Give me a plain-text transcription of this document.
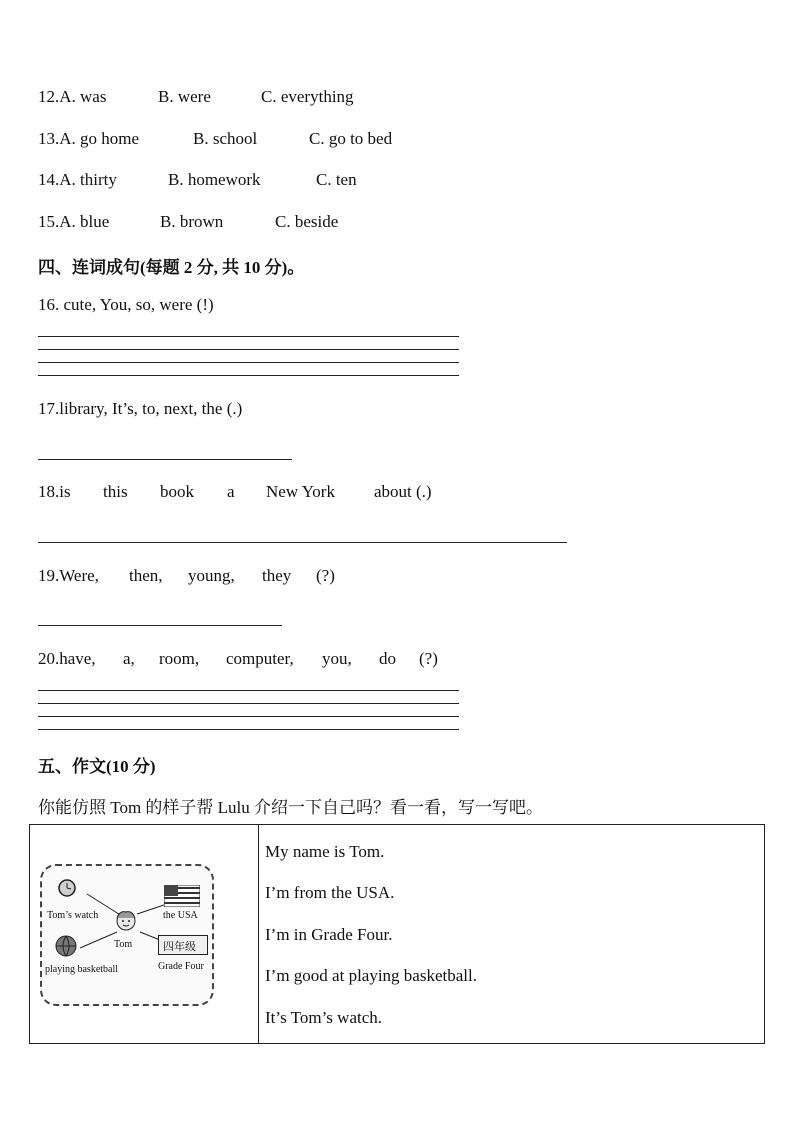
12.A. was	B. were	C. everything
13.A. go home	B. school	C. go to bed
14.A. thirty	B. homework	C. ten
15.A. blue	B. brown	C. beside
四、连词成句(每题 2 分, 共 10 分)。
16. cute, You, so, were (!)
17.library, It’s, to, next, the (.)
18.is this book a New York about (.)
19.Were, then, young, they (?)
20.have, a, room, computer, you, do (?)
五、作文(10 分)
你能仿照 Tom 的样子帮 Lulu 介绍一下自己吗？看一看，写一写吧。

Tom’s watch	the USA
Tom
playing basketball
四年级
Grade Four
My name is Tom.
I’m from the USA.
I’m in Grade Four.
I’m good at playing basketball.
It’s Tom’s watch.
